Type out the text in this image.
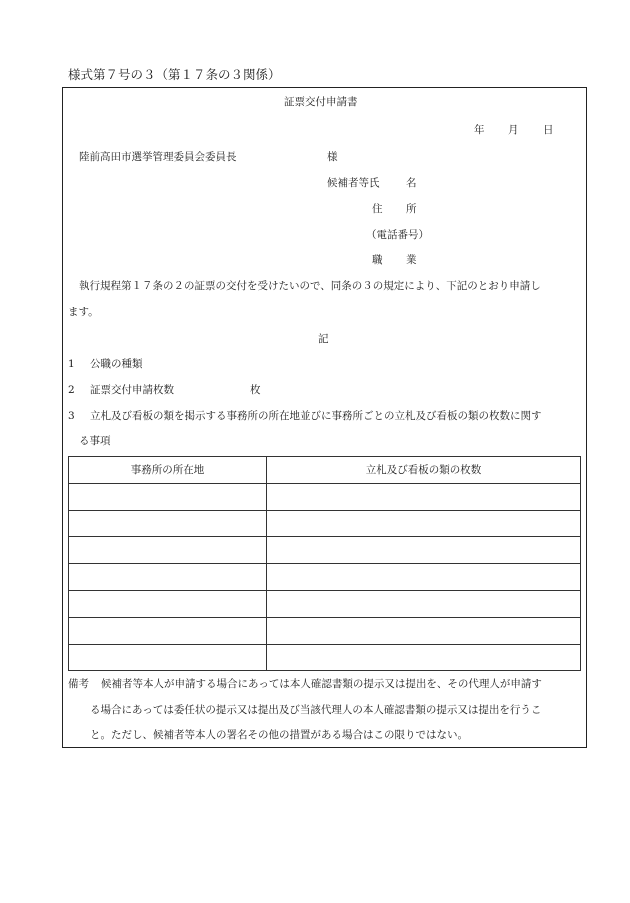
様式第７号の３（第１７条の３関係）
証票交付申請書
年 月 日
陸前高田市選挙管理委員会委員長	様
候補者等氏	名
住 所
（電話番号）
職 業
執行規程第１７条の２の証票の交付を受けたいので、同条の３の規定により、下記のとおり申請し
ます。
記
1 公職の種類
2 証票交付申請枚数	枚
3 立札及び看板の類を掲示する事務所の所在地並びに事務所ごとの立札及び看板の類の枚数に関す
る事項
事務所の所在地	立札及び看板の類の枚数

備考 候補者等本人が申請する場合にあっては本人確認書類の提示又は提出を、その代理人が申請す
る場合にあっては委任状の提示又は提出及び当該代理人の本人確認書類の提示又は提出を行うこ
と。ただし、候補者等本人の署名その他の措置がある場合はこの限りではない。
